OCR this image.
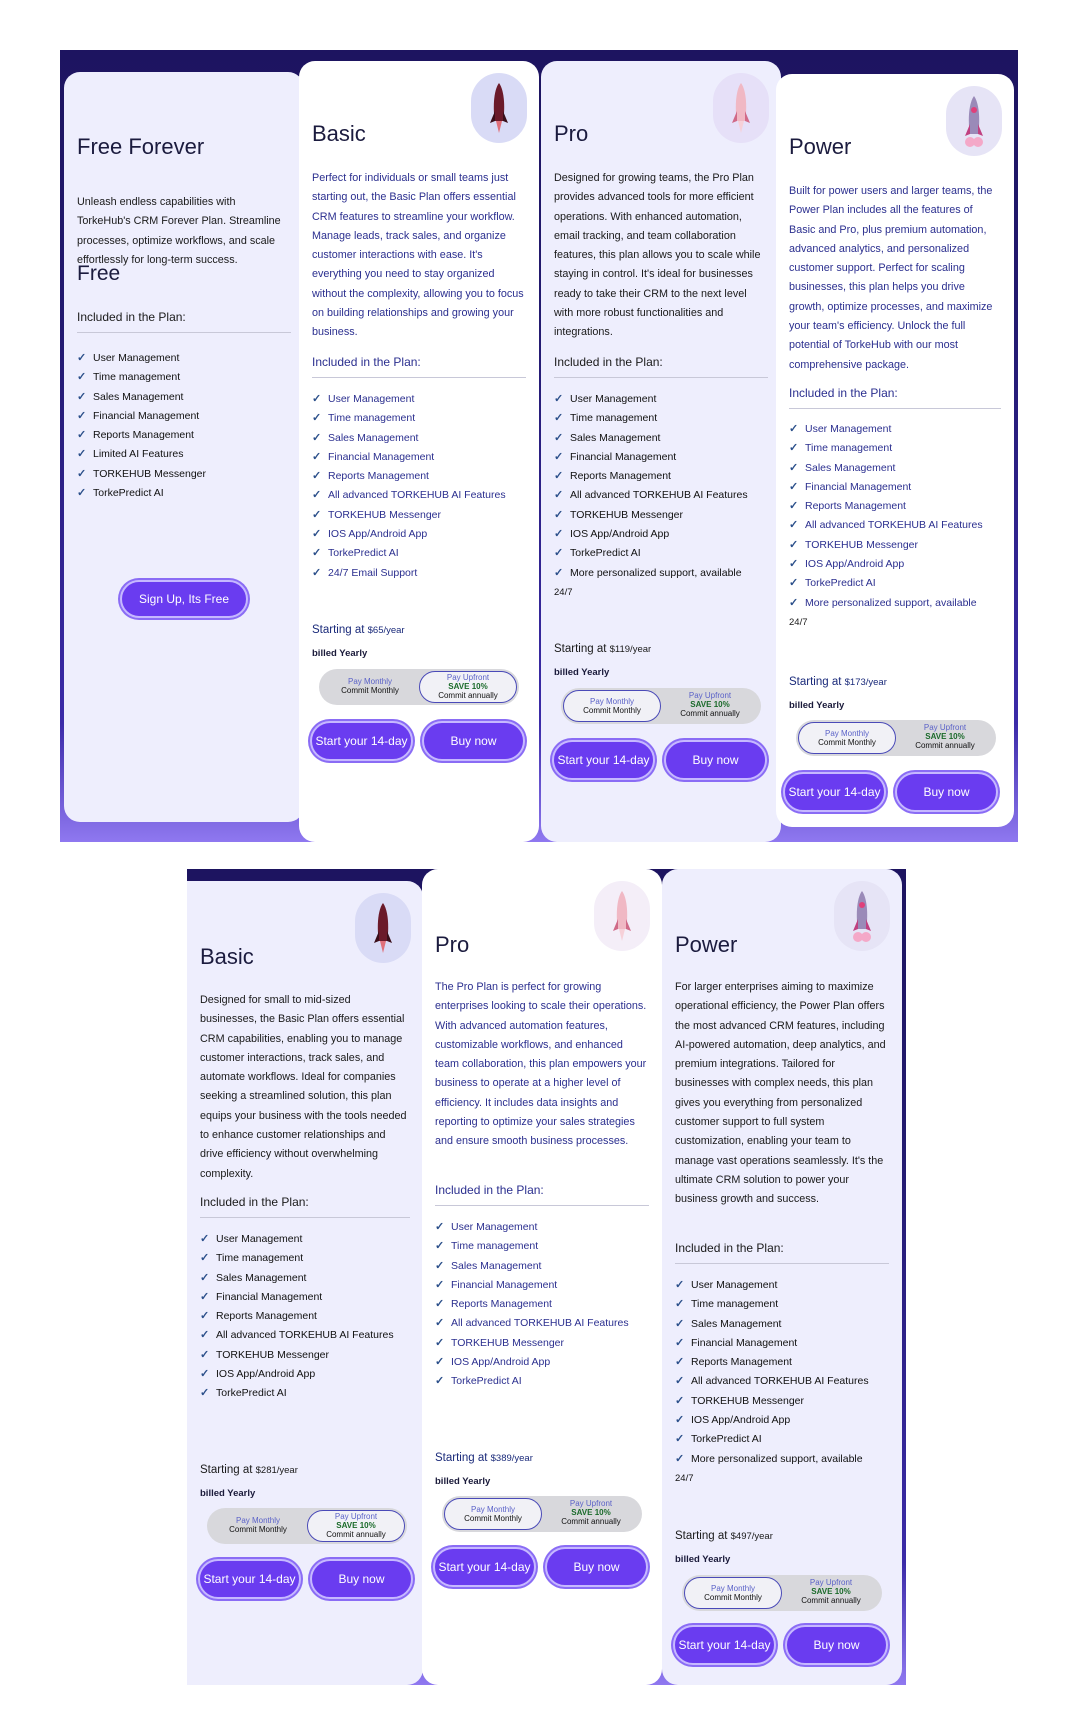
Free Forever
Unleash endless capabilities with TorkeHub's CRM Forever Plan. Streamline processes, optimize workflows, and scale effortlessly for long-term success.
Free
Included in the Plan:
✓ User Management
✓ Time management
✓ Sales Management
✓ Financial Management
✓ Reports Management
✓ Limited AI Features
✓ TORKEHUB Messenger
✓ TorkePredict AI
Sign Up, Its Free
Basic
Perfect for individuals or small teams just starting out, the Basic Plan offers essential CRM features to streamline your workflow. Manage leads, track sales, and organize customer interactions with ease. It's everything you need to stay organized without the complexity, allowing you to focus on building relationships and growing your business.
Included in the Plan:
✓ User Management
✓ Time management
✓ Sales Management
✓ Financial Management
✓ Reports Management
✓ All advanced TORKEHUB AI Features
✓ TORKEHUB Messenger
✓ IOS App/Android App
✓ TorkePredict AI
✓ 24/7 Email Support
Starting at $65/year
billed Yearly
Pay Monthly
Commit Monthly
Pay Upfront
SAVE 10%
Commit annually
Start your 14-day	Buy now
Pro
Designed for growing teams, the Pro Plan provides advanced tools for more efficient operations. With enhanced automation, email tracking, and team collaboration features, this plan allows you to scale while staying in control. It's ideal for businesses ready to take their CRM to the next level with more robust functionalities and integrations.
Included in the Plan:
✓ User Management
✓ Time management
✓ Sales Management
✓ Financial Management
✓ Reports Management
✓ All advanced TORKEHUB AI Features
✓ TORKEHUB Messenger
✓ IOS App/Android App
✓ TorkePredict AI
✓ More personalized support, available
24/7
Starting at $119/year
billed Yearly
Pay Monthly
Commit Monthly
Pay Upfront
SAVE 10%
Commit annually
Start your 14-day	Buy now
Power
Built for power users and larger teams, the Power Plan includes all the features of Basic and Pro, plus premium automation, advanced analytics, and personalized customer support. Perfect for scaling businesses, this plan helps you drive growth, optimize processes, and maximize your team's efficiency. Unlock the full potential of TorkeHub with our most comprehensive package.
Included in the Plan:
✓ User Management
✓ Time management
✓ Sales Management
✓ Financial Management
✓ Reports Management
✓ All advanced TORKEHUB AI Features
✓ TORKEHUB Messenger
✓ IOS App/Android App
✓ TorkePredict AI
✓ More personalized support, available
24/7
Starting at $173/year
billed Yearly
Pay Monthly
Commit Monthly
Pay Upfront
SAVE 10%
Commit annually
Start your 14-day	Buy now
Basic
Designed for small to mid-sized businesses, the Basic Plan offers essential CRM capabilities, enabling you to manage customer interactions, track sales, and automate workflows. Ideal for companies seeking a streamlined solution, this plan equips your business with the tools needed to enhance customer relationships and drive efficiency without overwhelming complexity.
Included in the Plan:
✓ User Management
✓ Time management
✓ Sales Management
✓ Financial Management
✓ Reports Management
✓ All advanced TORKEHUB AI Features
✓ TORKEHUB Messenger
✓ IOS App/Android App
✓ TorkePredict AI
Starting at $281/year
billed Yearly
Pay Monthly
Commit Monthly
Pay Upfront
SAVE 10%
Commit annually
Start your 14-day	Buy now
Pro
The Pro Plan is perfect for growing enterprises looking to scale their operations. With advanced automation features, customizable workflows, and enhanced team collaboration, this plan empowers your business to operate at a higher level of efficiency. It includes data insights and reporting to optimize your sales strategies and ensure smooth business processes.
Included in the Plan:
✓ User Management
✓ Time management
✓ Sales Management
✓ Financial Management
✓ Reports Management
✓ All advanced TORKEHUB AI Features
✓ TORKEHUB Messenger
✓ IOS App/Android App
✓ TorkePredict AI
Starting at $389/year
billed Yearly
Pay Monthly
Commit Monthly
Pay Upfront
SAVE 10%
Commit annually
Start your 14-day	Buy now
Power
For larger enterprises aiming to maximize operational efficiency, the Power Plan offers the most advanced CRM features, including AI-powered automation, deep analytics, and premium integrations. Tailored for businesses with complex needs, this plan gives you everything from personalized customer support to full system customization, enabling your team to manage vast operations seamlessly. It's the ultimate CRM solution to power your business growth and success.
Included in the Plan:
✓ User Management
✓ Time management
✓ Sales Management
✓ Financial Management
✓ Reports Management
✓ All advanced TORKEHUB AI Features
✓ TORKEHUB Messenger
✓ IOS App/Android App
✓ TorkePredict AI
✓ More personalized support, available
24/7
Starting at $497/year
billed Yearly
Pay Monthly
Commit Monthly
Pay Upfront
SAVE 10%
Commit annually
Start your 14-day	Buy now
